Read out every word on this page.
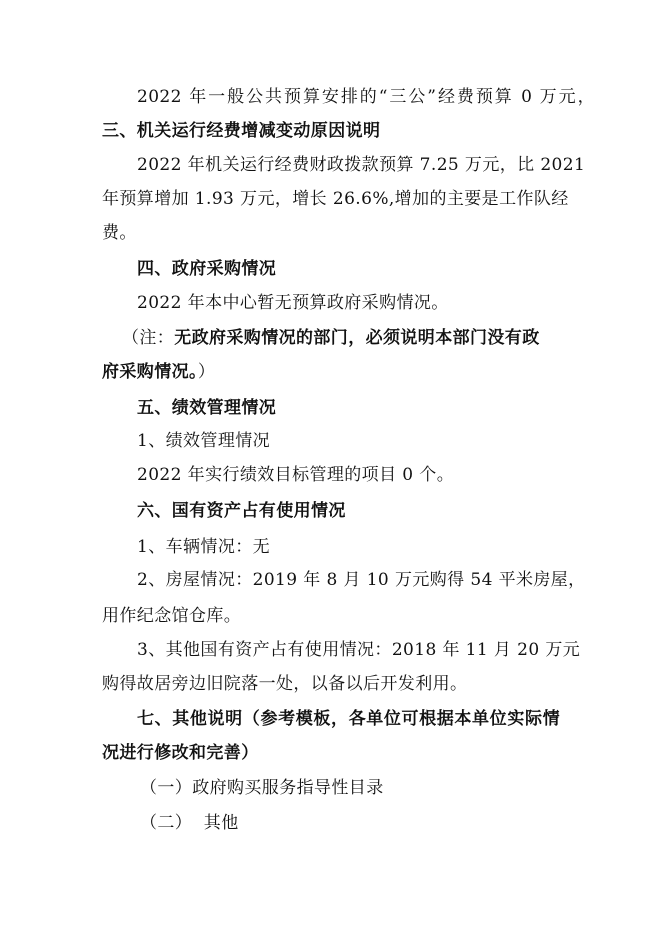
2022 年一般公共预算安排的“三公”经费预算 0 万元，
三、机关运行经费增减变动原因说明
2022 年机关运行经费财政拨款预算 7.25 万元，比 2021
年预算增加 1.93 万元，增长 26.6%,增加的主要是工作队经
费。
四、政府采购情况
2022 年本中心暂无预算政府采购情况。
（注：无政府采购情况的部门，必须说明本部门没有政
府采购情况。）
五、绩效管理情况
1、绩效管理情况
2022 年实行绩效目标管理的项目 0 个。
六、国有资产占有使用情况
1、车辆情况：无
2、房屋情况：2019 年 8 月 10 万元购得 54 平米房屋，
用作纪念馆仓库。
3、其他国有资产占有使用情况：2018 年 11 月 20 万元
购得故居旁边旧院落一处，以备以后开发利用。
七、其他说明（参考模板，各单位可根据本单位实际情
况进行修改和完善）
（一）政府购买服务指导性目录
（二）  其他
